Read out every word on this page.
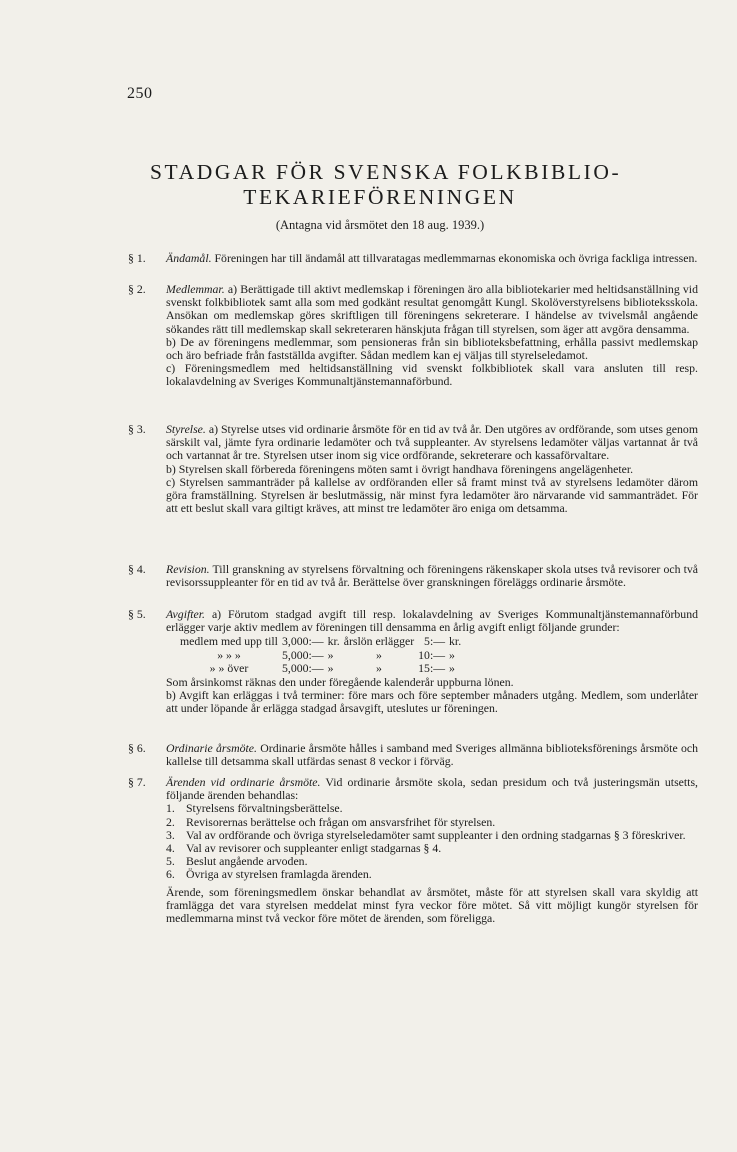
250
STADGAR FÖR SVENSKA FOLKBIBLIO-
TEKARIEFÖRENINGEN
(Antagna vid årsmötet den 18 aug. 1939.)
§ 1. Ändamål. Föreningen har till ändamål att tillvaratagas medlemmarnas ekonomiska och övriga fackliga intressen.

§ 2. Medlemmar. a) Berättigade till aktivt medlemskap i föreningen äro alla bibliotekarier med heltidsanställning vid svenskt folkbibliotek samt alla som med godkänt resultat genomgått Kungl. Skolöverstyrelsens biblioteksskola. Ansökan om medlemskap göres skriftligen till föreningens sekreterare. I händelse av tvivelsmål angående sökandes rätt till medlemskap skall sekreteraren hänskjuta frågan till styrelsen, som äger att avgöra densamma.

b) De av föreningens medlemmar, som pensioneras från sin biblioteksbefattning, erhålla passivt medlemskap och äro befriade från fastställda avgifter. Sådan medlem kan ej väljas till styrelseledamot.

c) Föreningsmedlem med heltidsanställning vid svenskt folkbibliotek skall vara ansluten till resp. lokalavdelning av Sveriges Kommunaltjänstemannaförbund.

§ 3. Styrelse. a) Styrelse utses vid ordinarie årsmöte för en tid av två år. Den utgöres av ordförande, som utses genom särskilt val, jämte fyra ordinarie ledamöter och två suppleanter. Av styrelsens ledamöter väljas vartannat år två och vartannat år tre. Styrelsen utser inom sig vice ordförande, sekreterare och kassaförvaltare.

b) Styrelsen skall förbereda föreningens möten samt i övrigt handhava föreningens angelägenheter.

c) Styrelsen sammanträder på kallelse av ordföranden eller så framt minst två av styrelsens ledamöter därom göra framställning. Styrelsen är beslutmässig, när minst fyra ledamöter äro närvarande vid sammanträdet. För att ett beslut skall vara giltigt kräves, att minst tre ledamöter äro eniga om detsamma.

§ 4. Revision. Till granskning av styrelsens förvaltning och föreningens räkenskaper skola utses två revisorer och två revisorssuppleanter för en tid av två år. Berättelse över granskningen föreläggs ordinarie årsmöte.

§ 5. Avgifter. a) Förutom stadgad avgift till resp. lokalavdelning av Sveriges Kommunaltjänstemannaförbund erlägger varje aktiv medlem av föreningen till densamma en årlig avgift enligt följande grunder:

medlem med upp till	3,000:—	kr.	årslön erlägger	5:—	kr.
» » »	5,000:—	»	»	10:—	»
» » över	5,000:—	»	»	15:—	»

Som årsinkomst räknas den under föregående kalenderår uppburna lönen.

b) Avgift kan erläggas i två terminer: före mars och före september månaders utgång. Medlem, som underlåter att under löpande år erlägga stadgad årsavgift, uteslutes ur föreningen.

§ 6. Ordinarie årsmöte. Ordinarie årsmöte hålles i samband med Sveriges allmänna biblioteksförenings årsmöte och kallelse till detsamma skall utfärdas senast 8 veckor i förväg.

§ 7. Ärenden vid ordinarie årsmöte. Vid ordinarie årsmöte skola, sedan presidum och två justeringsmän utsetts, följande ärenden behandlas:

1. Styrelsens förvaltningsberättelse.
2. Revisorernas berättelse och frågan om ansvarsfrihet för styrelsen.
3. Val av ordförande och övriga styrelseledamöter samt suppleanter i den ordning stadgarnas § 3 föreskriver.
4. Val av revisorer och suppleanter enligt stadgarnas § 4.
5. Beslut angående arvoden.
6. Övriga av styrelsen framlagda ärenden.

Ärende, som föreningsmedlem önskar behandlat av årsmötet, måste för att styrelsen skall vara skyldig att framlägga det vara styrelsen meddelat minst fyra veckor före mötet. Så vitt möjligt kungör styrelsen för medlemmarna minst två veckor före mötet de ärenden, som föreligga.
